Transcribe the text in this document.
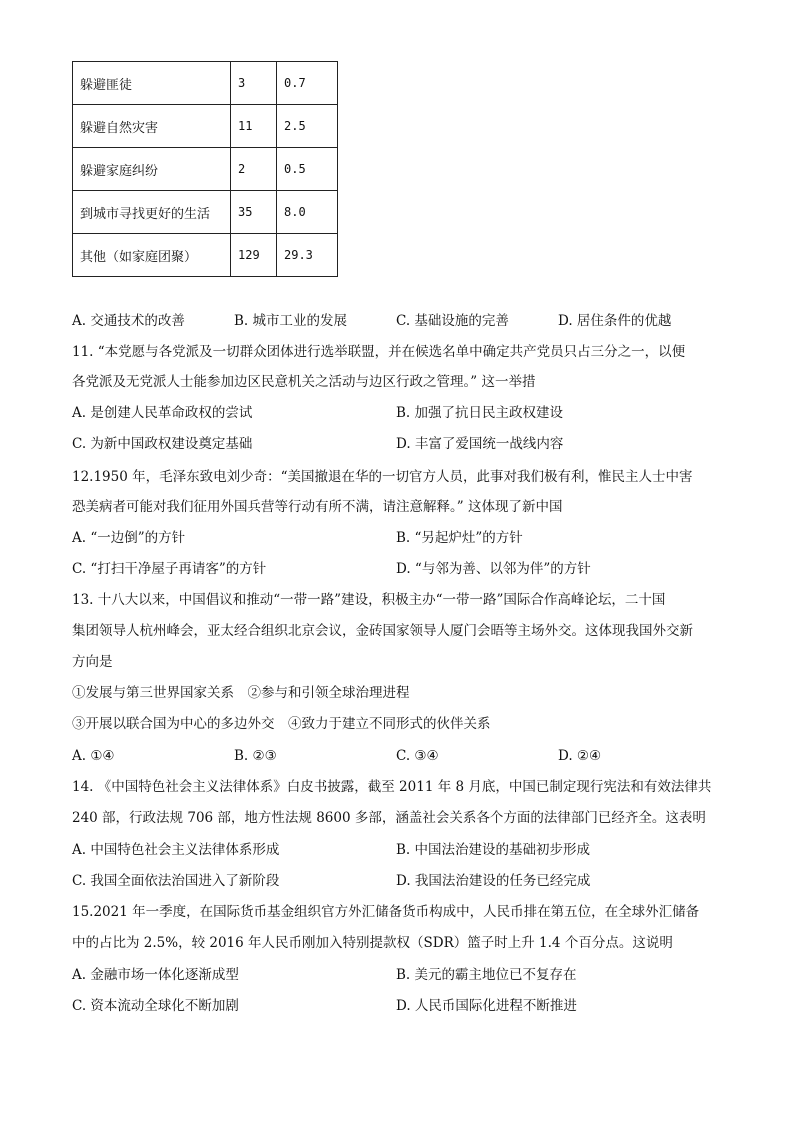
躲避匪徒	3	0.7
躲避自然灾害	11	2.5
躲避家庭纠纷	2	0.5
到城市寻找更好的生活	35	8.0
其他（如家庭团聚）	129	29.3
A. 交通技术的改善	B. 城市工业的发展	C. 基础设施的完善	D. 居住条件的优越
11. “本党愿与各党派及一切群众团体进行选举联盟，并在候选名单中确定共产党员只占三分之一，以便
各党派及无党派人士能参加边区民意机关之活动与边区行政之管理。” 这一举措
A. 是创建人民革命政权的尝试	B. 加强了抗日民主政权建设
C. 为新中国政权建设奠定基础	D. 丰富了爱国统一战线内容
12.1950 年，毛泽东致电刘少奇：“美国撤退在华的一切官方人员，此事对我们极有利，惟民主人士中害
恐美病者可能对我们征用外国兵营等行动有所不满，请注意解释。” 这体现了新中国
A. “一边倒”的方针	B. “另起炉灶”的方针
C. “打扫干净屋子再请客”的方针	D. “与邻为善、以邻为伴”的方针
13. 十八大以来，中国倡议和推动“一带一路”建设，积极主办“一带一路”国际合作高峰论坛，二十国
集团领导人杭州峰会，亚太经合组织北京会议，金砖国家领导人厦门会晤等主场外交。这体现我国外交新
方向是
①发展与第三世界国家关系　②参与和引领全球治理进程
③开展以联合国为中心的多边外交　④致力于建立不同形式的伙伴关系
A. ①④	B. ②③	C. ③④	D. ②④
14. 《中国特色社会主义法律体系》白皮书披露，截至 2011 年 8 月底，中国已制定现行宪法和有效法律共
240 部，行政法规 706 部，地方性法规 8600 多部，涵盖社会关系各个方面的法律部门已经齐全。这表明
A. 中国特色社会主义法律体系形成	B. 中国法治建设的基础初步形成
C. 我国全面依法治国进入了新阶段	D. 我国法治建设的任务已经完成
15.2021 年一季度，在国际货币基金组织官方外汇储备货币构成中，人民币排在第五位，在全球外汇储备
中的占比为 2.5%，较 2016 年人民币刚加入特别提款权（SDR）篮子时上升 1.4 个百分点。这说明
A. 金融市场一体化逐渐成型	B. 美元的霸主地位已不复存在
C. 资本流动全球化不断加剧	D. 人民币国际化进程不断推进
